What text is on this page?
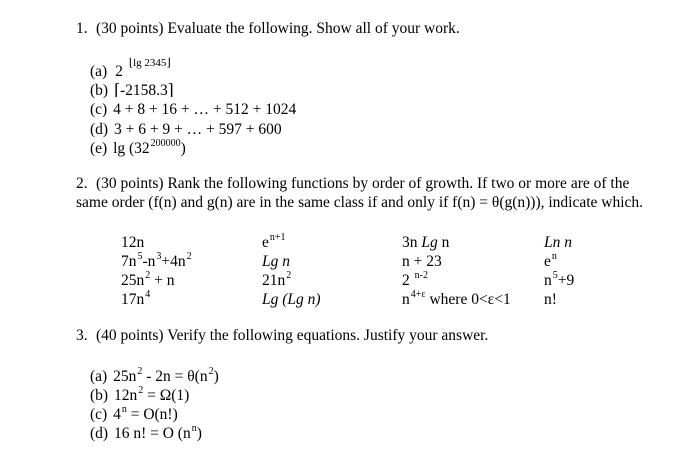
1. (30 points) Evaluate the following. Show all of your work.
(a) 2 $^{⌊lg 2345⌋}$
(b) ⌈-2158.3⌉
(c) 4 + 8 + 16 + … + 512 + 1024
(d) 3 + 6 + 9 + … + 597 + 600
(e) $\lg (32^{200000})$
2. (30 points) Rank the following functions by order of growth. If two or more are of the
same order (f(n) and g(n) are in the same class if and only if f(n) = θ(g(n))), indicate which.
12n
$7n^5-n^3+4n^2$
$25n^2 + n$
$17n^4$
$e^{n+1}$
Lg n
$21n^2$
Lg (Lg n)
3n Lg n
n + 23
2 $^{n-2}$
$n^{4+\varepsilon}$ where 0<ε<1
Ln n
$e^n$
$n^5+9$
n!
3. (40 points) Verify the following equations. Justify your answer.
(a) $25n^2 - 2n = \theta(n^2)$
(b) $12n^2 = \Omega(1)$
(c) $4^n = O(n!)$
(d) 16 n! = O $(n^n)$
